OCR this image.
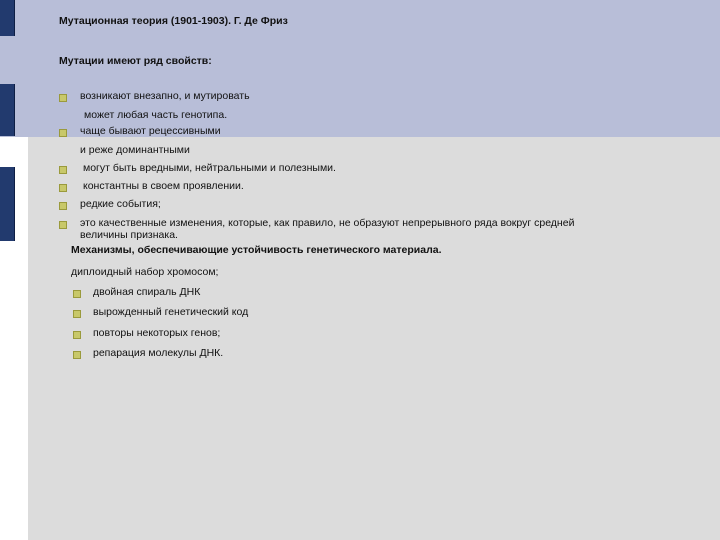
Мутационная теория (1901-1903). Г. Де Фриз
Мутации имеют ряд свойств:
возникают внезапно, и мутировать
может любая часть генотипа.
чаще бывают рецессивными
и реже доминантными
могут быть вредными, нейтральными и полезными.
константны в своем проявлении.
редкие события;
это качественные изменения, которые, как правило, не образуют непрерывного ряда вокруг средней
величины признака.
Механизмы, обеспечивающие устойчивость генетического материала.
диплоидный набор хромосом;
двойная спираль ДНК
вырожденный генетический код
повторы некоторых генов;
репарация молекулы ДНК.
